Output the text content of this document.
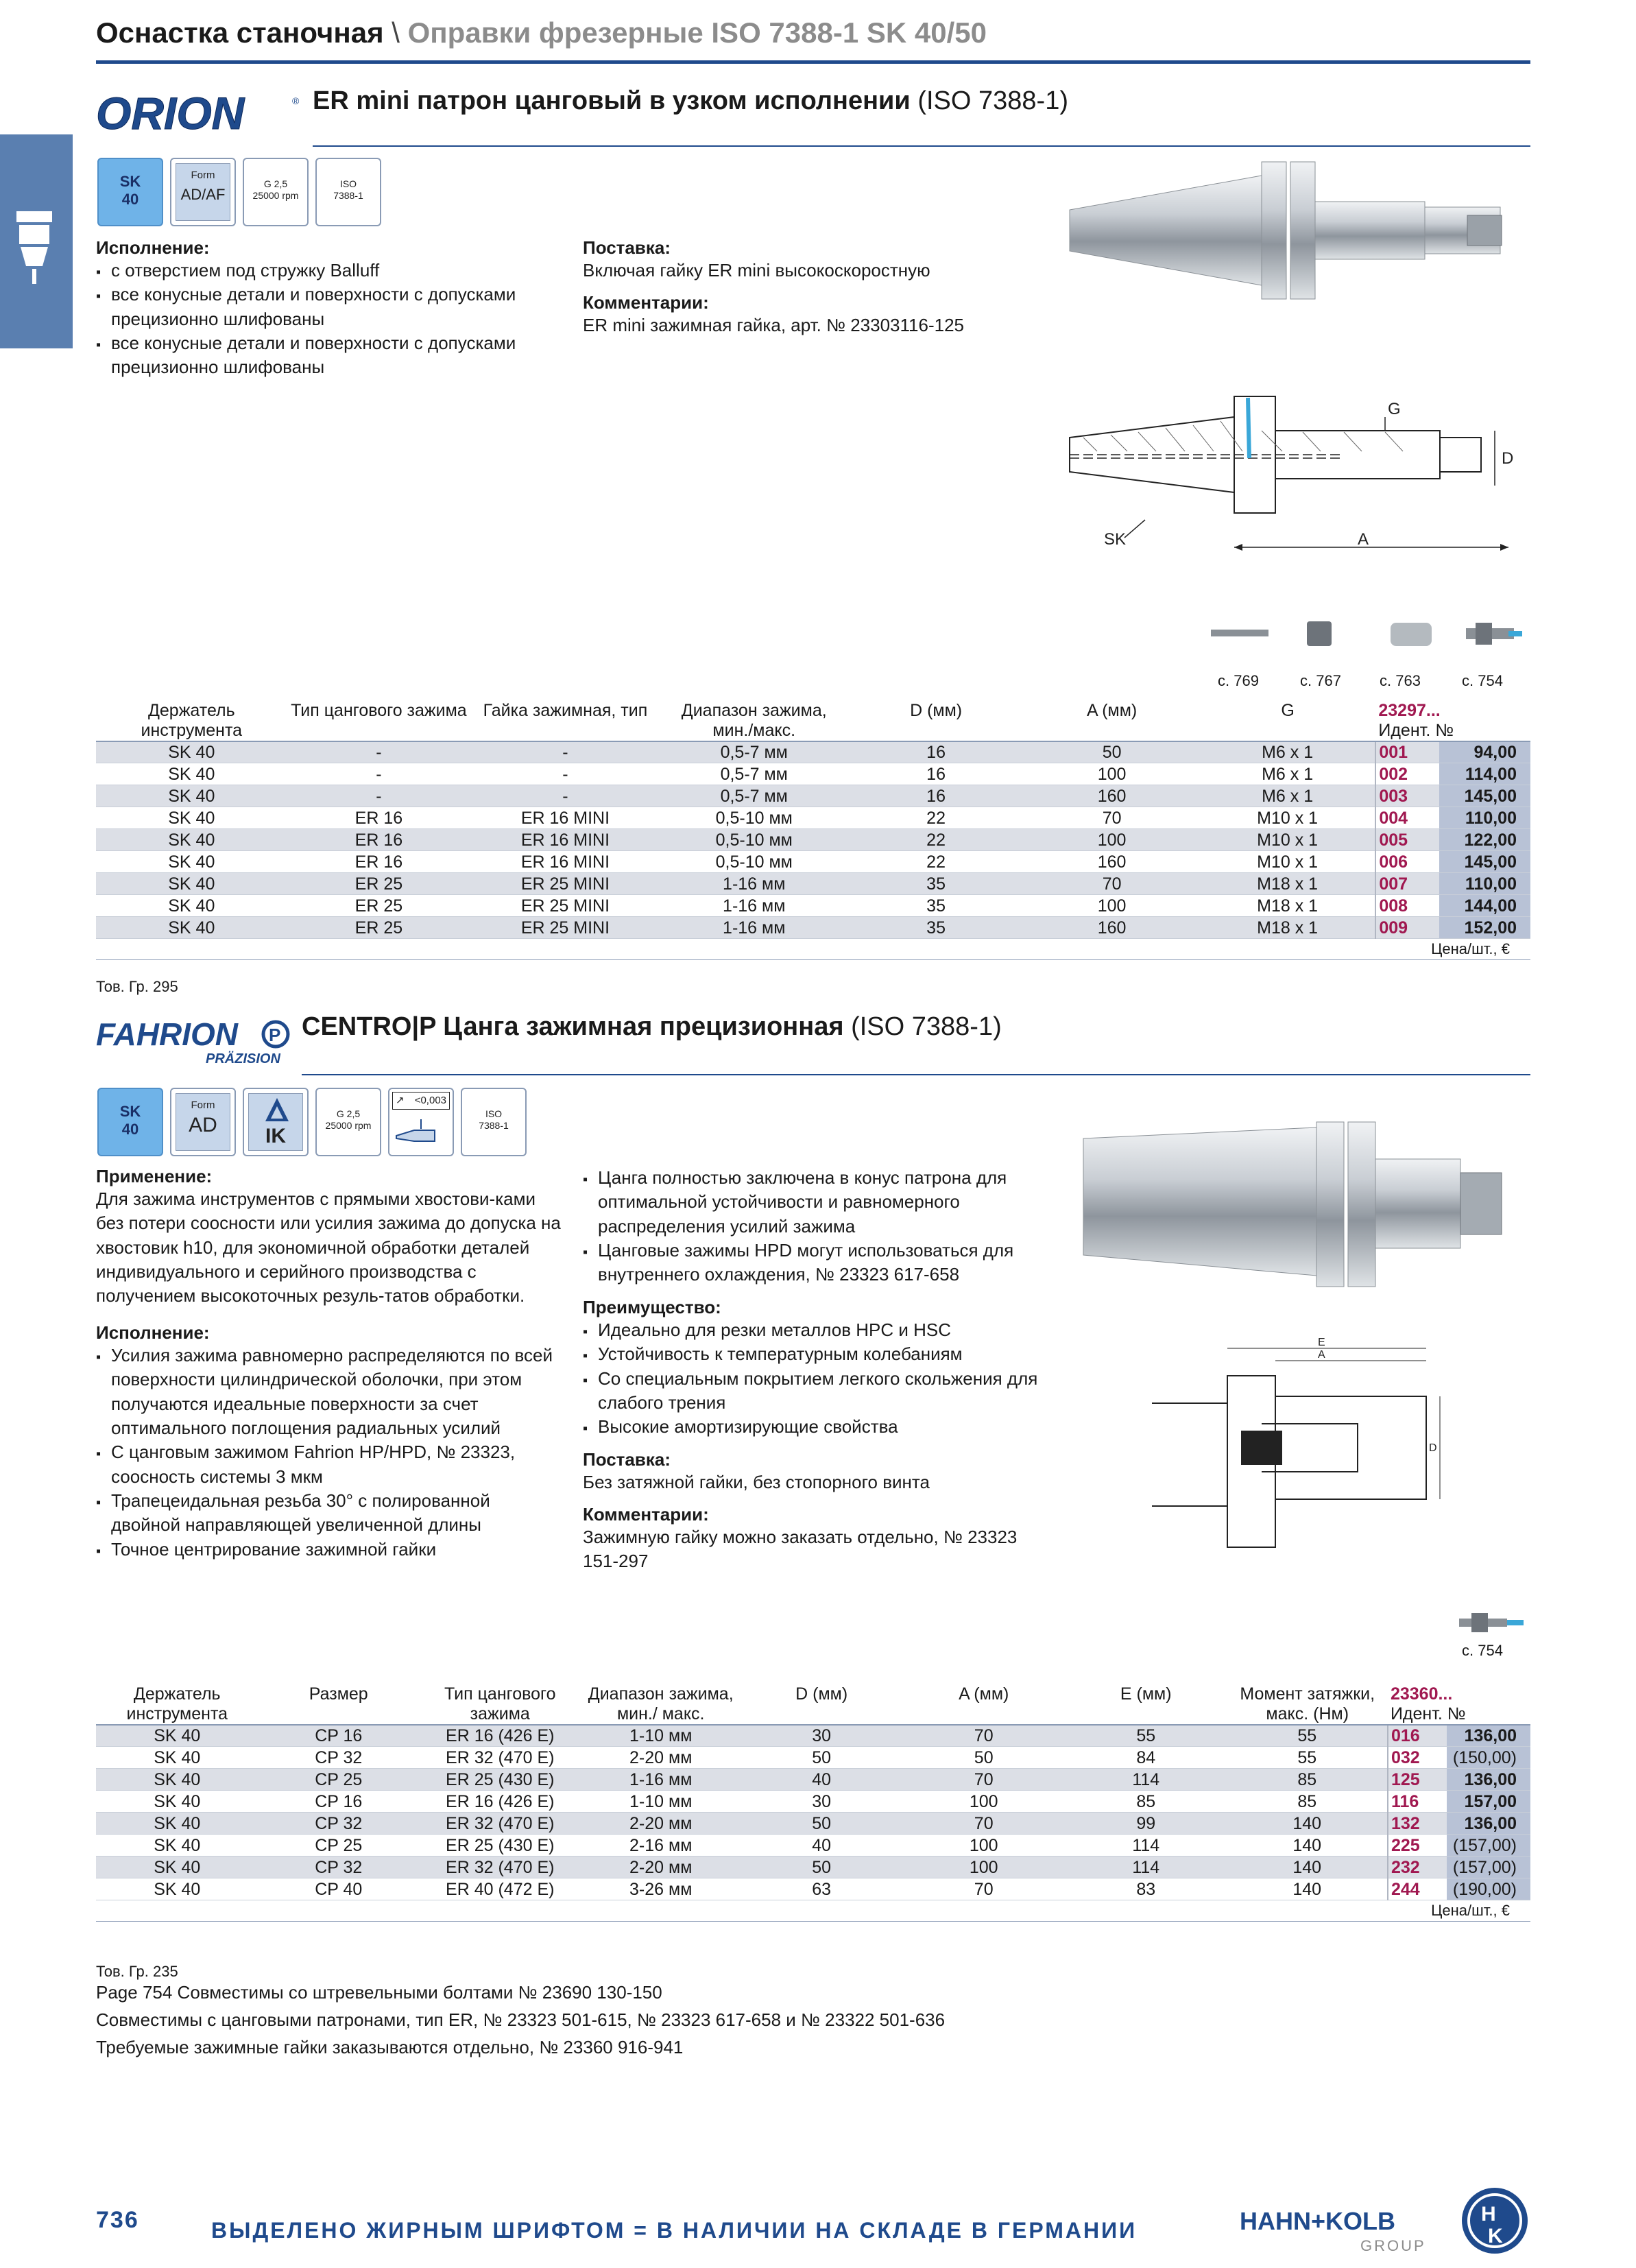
Оснастка станочная \ Оправки фрезерные ISO 7388-1 SK 40/50
ORION	® ER mini патрон цанговый в узком исполнении (ISO 7388-1)
SK
40
Form
AD/AF
G 2,5
25000 rpm
ISO
7388-1
Исполнение:
▪ с отверстием под стружку Balluff
▪ все конусные детали и поверхности с допусками прецизионно шлифованы
▪ все конусные детали и поверхности с допусками прецизионно шлифованы
Поставка:
Включая гайку ER mini высокоскоростную
Комментарии:
ER mini зажимная гайка, арт. № 23303116-125
G
D
A
SK
с. 769	с. 767	с. 763	с. 754
Держатель инструмента	Тип цангового зажима	Гайка зажимная, тип	Диапазон зажима, мин./макс.	D (мм)	A (мм)	G	23297...
Идент. №	

SK 40	-	-	0,5-7 мм	16	50	M6 x 1	001	94,00
SK 40	-	-	0,5-7 мм	16	100	M6 x 1	002	114,00
SK 40	-	-	0,5-7 мм	16	160	M6 x 1	003	145,00
SK 40	ER 16	ER 16 MINI	0,5-10 мм	22	70	M10 x 1	004	110,00
SK 40	ER 16	ER 16 MINI	0,5-10 мм	22	100	M10 x 1	005	122,00
SK 40	ER 16	ER 16 MINI	0,5-10 мм	22	160	M10 x 1	006	145,00
SK 40	ER 25	ER 25 MINI	1-16 мм	35	70	M18 x 1	007	110,00
SK 40	ER 25	ER 25 MINI	1-16 мм	35	100	M18 x 1	008	144,00
SK 40	ER 25	ER 25 MINI	1-16 мм	35	160	M18 x 1	009	152,00
Цена/шт., €								
Тов. Гр. 295
FAHRION P
PRÄZISION
CENTRO|P Цанга зажимная прецизионная (ISO 7388-1)
SK
40
Form
AD	IK
G 2,5
25000 rpm
↗ <0,003
ISO
7388-1
Применение:
Для зажима инструментов с прямыми хвостови-ками без потери соосности или усилия зажима до допуска на хвостовик h10, для экономичной обработки деталей индивидуального и серийного производства с получением высокоточных резуль-татов обработки.
Исполнение:
▪ Усилия зажима равномерно распределяются по всей поверхности цилиндрической оболочки, при этом получаются идеальные поверхности за счет оптимального поглощения радиальных усилий
▪ С цанговым зажимом Fahrion HP/HPD, № 23323, соосность системы 3 мкм
▪ Трапецеидальная резьба 30° с полированной двойной направляющей увеличенной длины
▪ Точное центрирование зажимной гайки
▪ Цанга полностью заключена в конус патрона для оптимальной устойчивости и равномерного распределения усилий зажима
▪ Цанговые зажимы HPD могут использоваться для внутреннего охлаждения, № 23323 617-658
Преимущество:
▪ Идеально для резки металлов HPC и HSC
▪ Устойчивость к температурным колебаниям
▪ Со специальным покрытием легкого скольжения для слабого трения
▪ Высокие амортизирующие свойства
Поставка:
Без затяжной гайки, без стопорного винта
Комментарии:
Зажимную гайку можно заказать отдельно, № 23323 151-297
E
A
D
с. 754
Держатель инструмента	Размер	Тип цангового зажима	Диапазон зажима, мин./ макс.	D (мм)	A (мм)	E (мм)	Момент затяжки, макс. (Нм)	23360...
Идент. №	

SK 40	CP 16	ER 16 (426 E)	1-10 мм	30	70	55	55	016	136,00
SK 40	CP 32	ER 32 (470 E)	2-20 мм	50	50	84	55	032	(150,00)
SK 40	CP 25	ER 25 (430 E)	1-16 мм	40	70	114	85	125	136,00
SK 40	CP 16	ER 16 (426 E)	1-10 мм	30	100	85	85	116	157,00
SK 40	CP 32	ER 32 (470 E)	2-20 мм	50	70	99	140	132	136,00
SK 40	CP 25	ER 25 (430 E)	2-16 мм	40	100	114	140	225	(157,00)
SK 40	CP 32	ER 32 (470 E)	2-20 мм	50	100	114	140	232	(157,00)
SK 40	CP 40	ER 40 (472 E)	3-26 мм	63	70	83	140	244	(190,00)
Цена/шт., €									
Тов. Гр. 235
Page 754 Совместимы со штревельными болтами № 23690 130-150
Совместимы с цанговыми патронами, тип ER, № 23323 501-615, № 23323 617-658 и № 23322 501-636
Требуемые зажимные гайки заказываются отдельно, № 23360 916-941
736	ВЫДЕЛЕНО ЖИРНЫМ ШРИФТОМ = В НАЛИЧИИ НА СКЛАДЕ В ГЕРМАНИИ	HAHN+KOLB
GROUP
H
K
